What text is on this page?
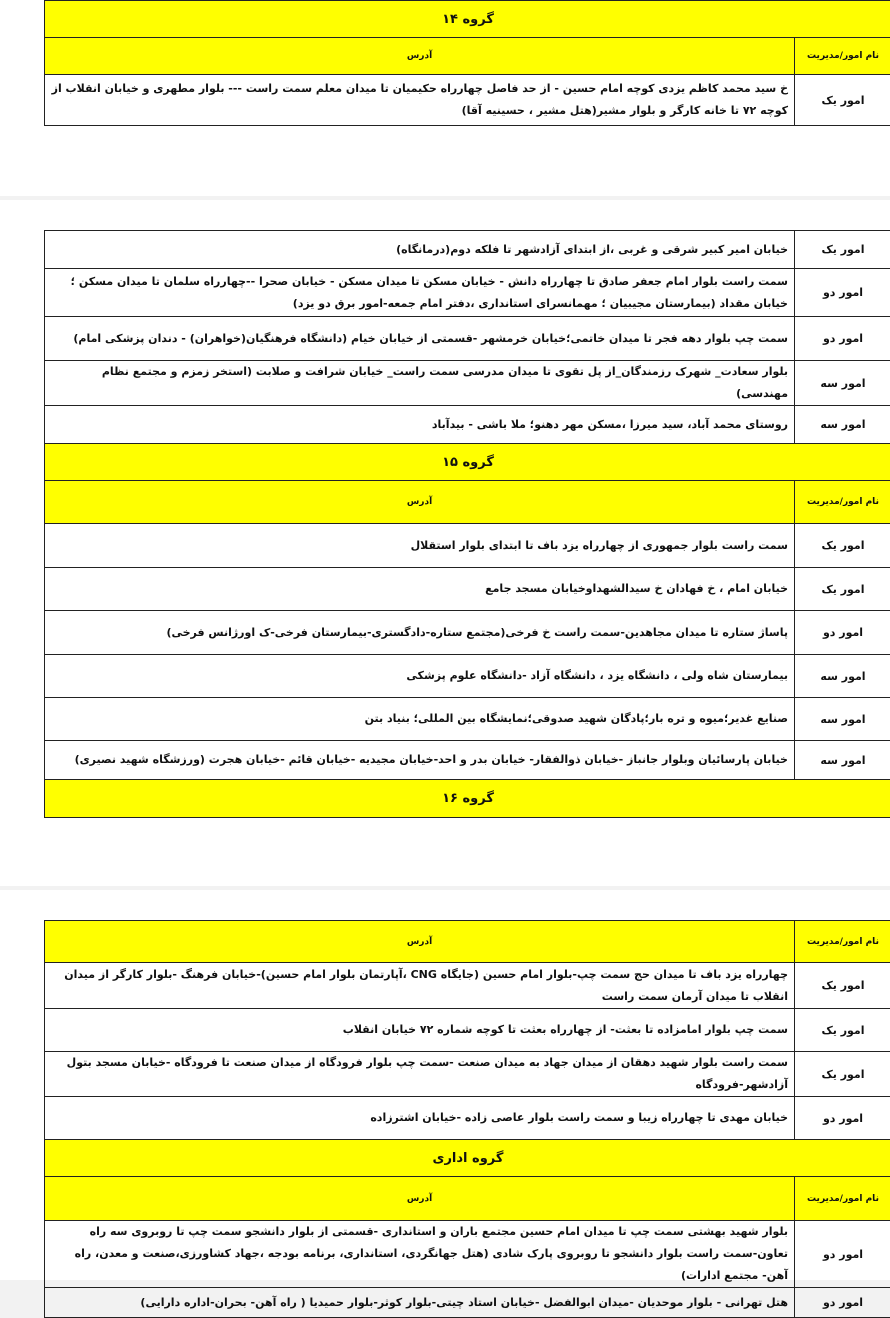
گروه ۱۴	
نام امور/مدیریت	آدرس
امور یک	خ سید محمد کاظم یزدی کوچه امام حسین - از حد فاصل چهارراه حکیمیان تا میدان معلم سمت راست --- بلوار مطهری و خیابان انقلاب از کوچه ۷۲ تا خانه کارگر و بلوار مشیر(هتل مشیر ، حسینیه آقا)
امور یک	خیابان امیر کبیر شرقی و غربی ،از ابتدای آزادشهر تا فلکه دوم(درمانگاه)
امور دو	سمت راست بلوار امام جعفر صادق تا چهارراه دانش - خیابان مسکن تا میدان مسکن - خیابان صحرا --چهارراه سلمان تا میدان مسکن ؛ خیابان مقداد (بیمارستان مجیبیان ؛ مهمانسرای استانداری ،دفتر امام جمعه-امور برق دو یزد)
امور دو	سمت چپ بلوار دهه فجر تا میدان خاتمی؛خیابان خرمشهر -قسمتی از خیابان خیام (دانشگاه فرهنگیان(خواهران) - دندان پزشکی امام)
امور سه	بلوار سعادت_ شهرک رزمندگان_از پل تقوی تا میدان مدرسی سمت راست_ خیابان شرافت و صلابت (استخر زمزم و مجتمع نظام مهندسی)
امور سه	روستای محمد آباد، سید میرزا ،مسکن مهر دهنو؛ ملا باشی - بیدآباد
گروه ۱۵	
نام امور/مدیریت	آدرس
امور یک	سمت راست بلوار جمهوری از چهارراه یزد باف تا ابتدای بلوار استقلال
امور یک	خیابان امام ، خ فهادان خ سیدالشهداوخیابان مسجد جامع
امور دو	پاساژ ستاره تا میدان مجاهدین-سمت راست خ فرخی(مجتمع ستاره-دادگستری-بیمارستان فرخی-ک اورژانس فرخی)
امور سه	بیمارستان شاه ولی ، دانشگاه یزد ، دانشگاه آزاد -دانشگاه علوم پزشکی
امور سه	صنایع غدیر؛میوه و تره بار؛پادگان شهید صدوقی؛نمایشگاه بین المللی؛ بنیاد بتن
امور سه	خیابان پارسائیان وبلوار جانباز -خیابان ذوالفقار- خیابان بدر و احد-خیابان مجیدیه -خیابان قائم -خیابان هجرت (ورزشگاه شهید نصیری)
گروه ۱۶	
نام امور/مدیریت	آدرس
امور یک	چهارراه یزد باف تا میدان حج سمت چپ-بلوار امام حسین (جایگاه CNG ،آپارتمان بلوار امام حسین)-خیابان فرهنگ -بلوار کارگر از میدان انقلاب تا میدان آرمان سمت راست
امور یک	سمت چپ بلوار امامزاده تا بعثت- از چهارراه بعثت تا کوچه شماره ۷۲ خیابان انقلاب
امور یک	سمت راست بلوار شهید دهقان از میدان جهاد به میدان صنعت -سمت چپ بلوار فرودگاه از میدان صنعت تا فرودگاه -خیابان مسجد بتول آزادشهر-فرودگاه
امور دو	خیابان مهدی تا چهارراه زیبا و سمت راست بلوار عاصی زاده -خیابان اشترزاده
گروه اداری	
نام امور/مدیریت	آدرس
امور دو	بلوار شهید بهشتی سمت چپ تا میدان امام حسین مجتمع باران و استانداری -قسمتی از بلوار دانشجو سمت چپ تا روبروی سه راه تعاون-سمت راست بلوار دانشجو تا روبروی پارک شادی (هتل جهانگردی، استانداری، برنامه بودجه ،جهاد کشاورزی،صنعت و معدن، راه آهن- مجتمع ادارات)
امور دو	هتل تهرانی - بلوار موحدیان -میدان ابوالفضل -خیابان استاد چیتی-بلوار کوثر-بلوار حمیدیا ( راه آهن- بحران-اداره دارایی)
